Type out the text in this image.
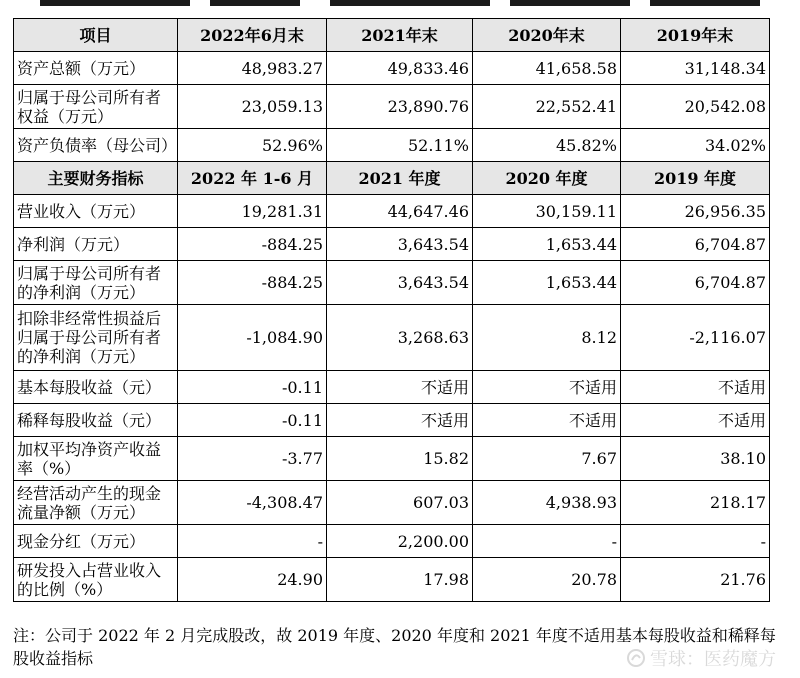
项目	2022年6月末	2021年末	2020年末	2019年末

资产总额（万元）	48,983.27	49,833.46	41,658.58	31,148.34

归属于母公司所有者
权益（万元）	23,059.13	23,890.76	22,552.41	20,542.08

资产负债率（母公司）	52.96%	52.11%	45.82%	34.02%
主要财务指标	2022 年 1-6 月	2021 年度	2020 年度	2019 年度

营业收入（万元）	19,281.31	44,647.46	30,159.11	26,956.35

净利润（万元）	-884.25	3,643.54	1,653.44	6,704.87

归属于母公司所有者
的净利润（万元）	-884.25	3,643.54	1,653.44	6,704.87

扣除非经常性损益后
归属于母公司所有者
的净利润（万元）	-1,084.90	3,268.63	8.12	-2,116.07

基本每股收益（元）	-0.11	不适用	不适用	不适用

稀释每股收益（元）	-0.11	不适用	不适用	不适用

加权平均净资产收益
率（%）	-3.77	15.82	7.67	38.10

经营活动产生的现金
流量净额（万元）	-4,308.47	607.03	4,938.93	218.17

现金分红（万元）	-	2,200.00	-	-

研发投入占营业收入
的比例（%）	24.90	17.98	20.78	21.76
注：公司于 2022 年 2 月完成股改，故 2019 年度、2020 年度和 2021 年度不适用基本每股收益和稀释每股收益指标	雪球：医药魔方
